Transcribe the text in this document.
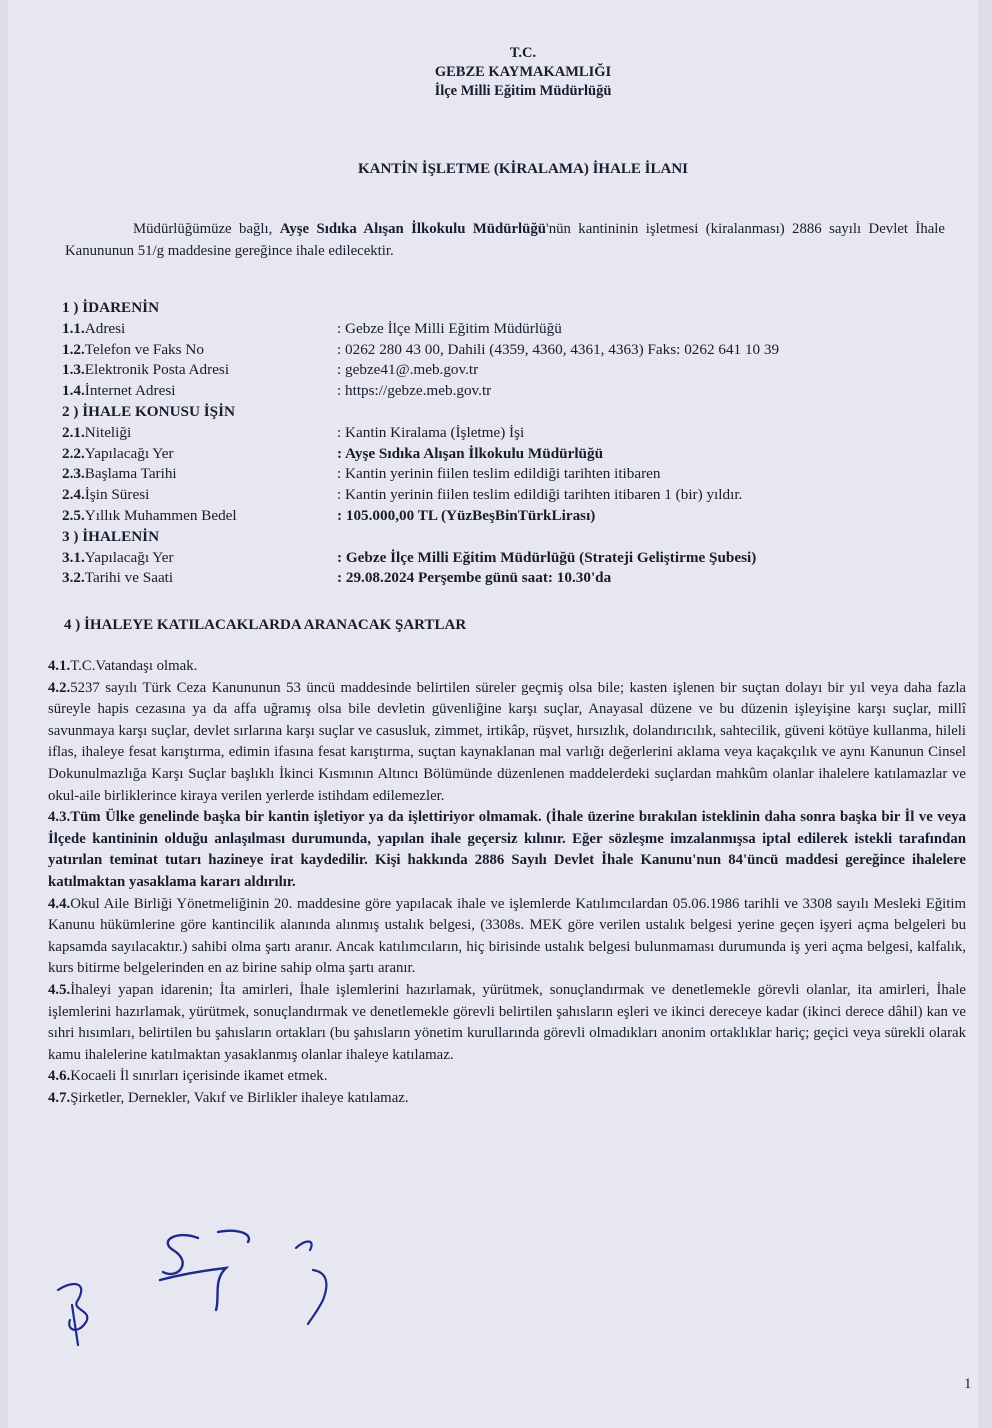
T.C.
GEBZE KAYMAKAMLIĞI
İlçe Milli Eğitim Müdürlüğü
KANTİN İŞLETME (KİRALAMA) İHALE İLANI
Müdürlüğümüze bağlı, Ayşe Sıdıka Alışan İlkokulu Müdürlüğü'nün kantininin işletmesi (kiralanması) 2886 sayılı Devlet İhale Kanununun 51/g maddesine gereğince ihale edilecektir.
1 ) İDARENİN
1.1.Adresi	: Gebze İlçe Milli Eğitim Müdürlüğü
1.2.Telefon ve Faks No	: 0262 280 43 00, Dahili (4359, 4360, 4361, 4363) Faks: 0262 641 10 39
1.3.Elektronik Posta Adresi	: gebze41@.meb.gov.tr
1.4.İnternet Adresi	: https://gebze.meb.gov.tr
2 ) İHALE KONUSU İŞİN
2.1.Niteliği	: Kantin Kiralama (İşletme) İşi
2.2.Yapılacağı Yer	: Ayşe Sıdıka Alışan İlkokulu Müdürlüğü
2.3.Başlama Tarihi	: Kantin yerinin fiilen teslim edildiği tarihten itibaren
2.4.İşin Süresi	: Kantin yerinin fiilen teslim edildiği tarihten itibaren 1 (bir) yıldır.
2.5.Yıllık Muhammen Bedel	: 105.000,00 TL (YüzBeşBinTürkLirası)
3 ) İHALENİN
3.1.Yapılacağı Yer	: Gebze İlçe Milli Eğitim Müdürlüğü (Strateji Geliştirme Şubesi)
3.2.Tarihi ve Saati	: 29.08.2024 Perşembe günü saat: 10.30'da
4 ) İHALEYE KATILACAKLARDA ARANACAK ŞARTLAR

4.1.T.C.Vatandaşı olmak.

4.2.5237 sayılı Türk Ceza Kanununun 53 üncü maddesinde belirtilen süreler geçmiş olsa bile; kasten işlenen bir suçtan dolayı bir yıl veya daha fazla süreyle hapis cezasına ya da affa uğramış olsa bile devletin güvenliğine karşı suçlar, Anayasal düzene ve bu düzenin işleyişine karşı suçlar, millî savunmaya karşı suçlar, devlet sırlarına karşı suçlar ve casusluk, zimmet, irtikâp, rüşvet, hırsızlık, dolandırıcılık, sahtecilik, güveni kötüye kullanma, hileli iflas, ihaleye fesat karıştırma, edimin ifasına fesat karıştırma, suçtan kaynaklanan mal varlığı değerlerini aklama veya kaçakçılık ve aynı Kanunun Cinsel Dokunulmazlığa Karşı Suçlar başlıklı İkinci Kısmının Altıncı Bölümünde düzenlenen maddelerdeki suçlardan mahkûm olanlar ihalelere katılamazlar ve okul-aile birliklerince kiraya verilen yerlerde istihdam edilemezler.

4.3.Tüm Ülke genelinde başka bir kantin işletiyor ya da işlettiriyor olmamak. (İhale üzerine bırakılan isteklinin daha sonra başka bir İl ve veya İlçede kantininin olduğu anlaşılması durumunda, yapılan ihale geçersiz kılınır. Eğer sözleşme imzalanmışsa iptal edilerek istekli tarafından yatırılan teminat tutarı hazineye irat kaydedilir. Kişi hakkında 2886 Sayılı Devlet İhale Kanunu'nun 84'üncü maddesi gereğince ihalelere katılmaktan yasaklama kararı aldırılır.

4.4.Okul Aile Birliği Yönetmeliğinin 20. maddesine göre yapılacak ihale ve işlemlerde Katılımcılardan 05.06.1986 tarihli ve 3308 sayılı Mesleki Eğitim Kanunu hükümlerine göre kantincilik alanında alınmış ustalık belgesi, (3308s. MEK göre verilen ustalık belgesi yerine geçen işyeri açma belgeleri bu kapsamda sayılacaktır.) sahibi olma şartı aranır. Ancak katılımcıların, hiç birisinde ustalık belgesi bulunmaması durumunda iş yeri açma belgesi, kalfalık, kurs bitirme belgelerinden en az birine sahip olma şartı aranır.

4.5.İhaleyi yapan idarenin; İta amirleri, İhale işlemlerini hazırlamak, yürütmek, sonuçlandırmak ve denetlemekle görevli olanlar, ita amirleri, İhale işlemlerini hazırlamak, yürütmek, sonuçlandırmak ve denetlemekle görevli belirtilen şahısların eşleri ve ikinci dereceye kadar (ikinci derece dâhil) kan ve sıhri hısımları, belirtilen bu şahısların ortakları (bu şahısların yönetim kurullarında görevli olmadıkları anonim ortaklıklar hariç; geçici veya sürekli olarak kamu ihalelerine katılmaktan yasaklanmış olanlar ihaleye katılamaz.

4.6.Kocaeli İl sınırları içerisinde ikamet etmek.

4.7.Şirketler, Dernekler, Vakıf ve Birlikler ihaleye katılamaz.

1
